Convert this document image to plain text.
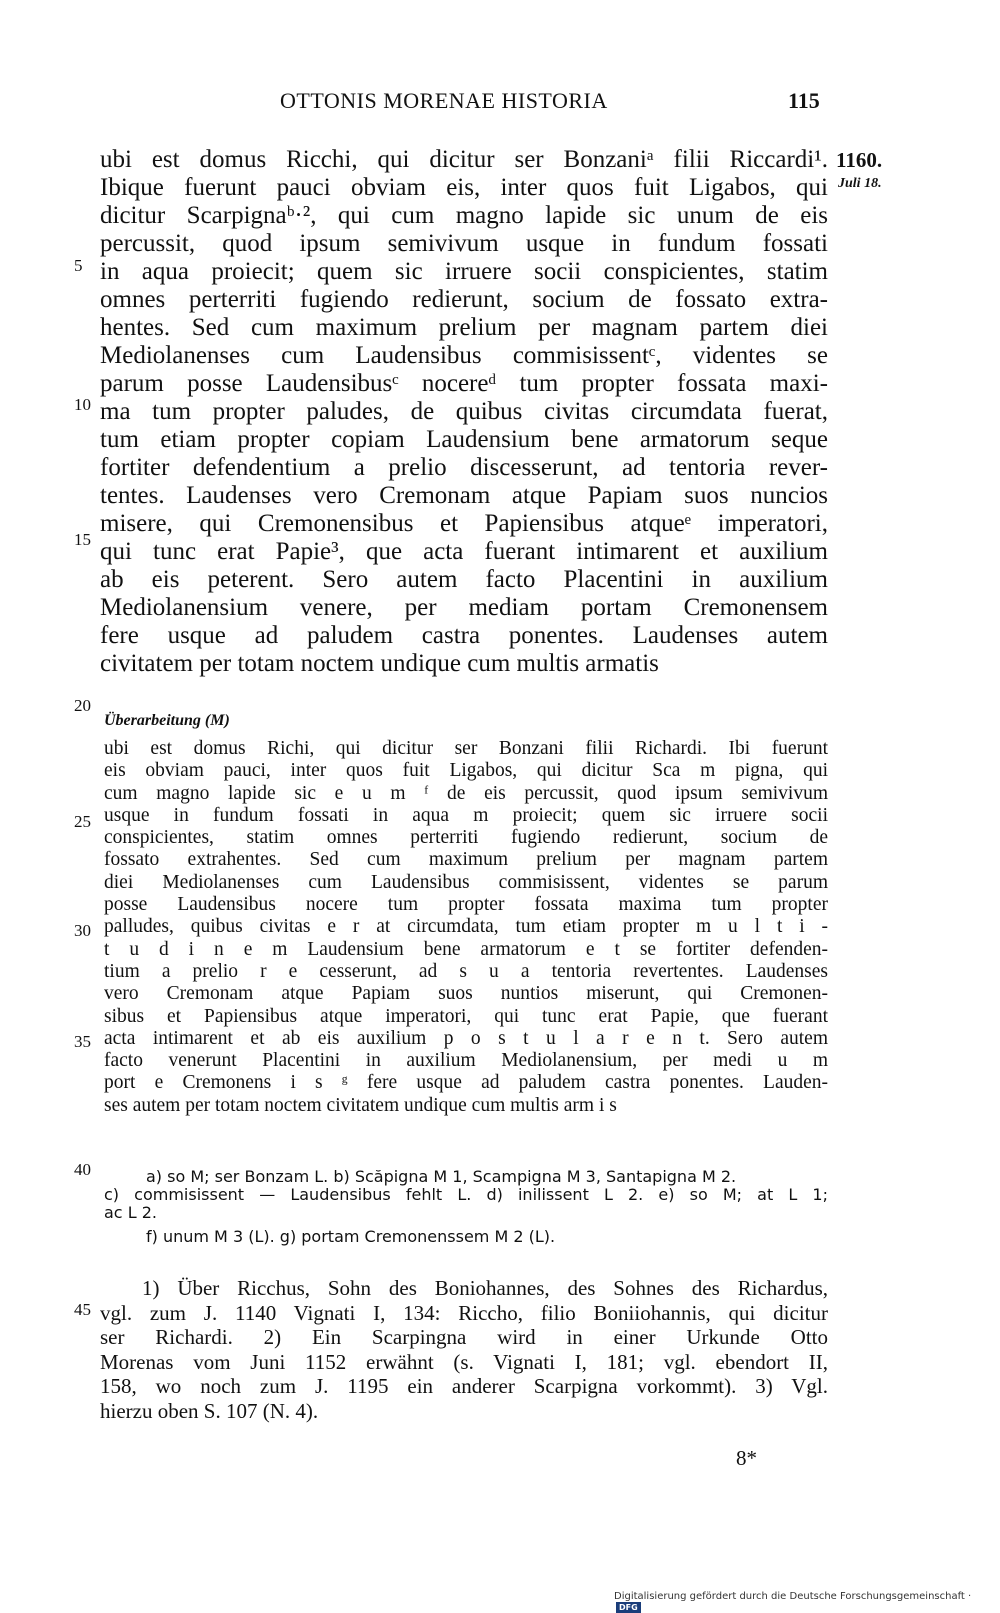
OTTONIS MORENAE HISTORIA	115
1160.
Juli 18.
5
10
15
20
25
30
35
40
45
ubi est domus Ricchi, qui dicitur ser Bonzaniᵃ filii Riccardi¹.
Ibique fuerunt pauci obviam eis, inter quos fuit Ligabos, qui
dicitur Scarpignaᵇ·², qui cum magno lapide sic unum de eis
percussit, quod ipsum semivivum usque in fundum fossati
in aqua proiecit; quem sic irruere socii conspicientes, statim
omnes perterriti fugiendo redierunt, socium de fossato extra-
hentes. Sed cum maximum prelium per magnam partem diei
Mediolanenses cum Laudensibus commisissentᶜ, videntes se
parum posse Laudensibusᶜ nocereᵈ tum propter fossata maxi-
ma tum propter paludes, de quibus civitas circumdata fuerat,
tum etiam propter copiam Laudensium bene armatorum seque
fortiter defendentium a prelio discesserunt, ad tentoria rever-
tentes. Laudenses vero Cremonam atque Papiam suos nuncios
misere, qui Cremonensibus et Papiensibus atqueᵉ imperatori,
qui tunc erat Papie³, que acta fuerant intimarent et auxilium
ab eis peterent. Sero autem facto Placentini in auxilium
Mediolanensium venere, per mediam portam Cremonensem
fere usque ad paludem castra ponentes. Laudenses autem
civitatem per totam noctem undique cum multis armatis
Überarbeitung (M)
ubi est domus Richi, qui dicitur ser Bonzani filii Richardi. Ibi fuerunt
eis obviam pauci, inter quos fuit Ligabos, qui dicitur Sca m pigna, qui
cum magno lapide sic e u m ᶠ de eis percussit, quod ipsum semivivum
usque in fundum fossati in aqua m proiecit; quem sic irruere socii
conspicientes, statim omnes perterriti fugiendo redierunt, socium de
fossato extrahentes. Sed cum maximum prelium per magnam partem
diei Mediolanenses cum Laudensibus commisissent, videntes se parum
posse Laudensibus nocere tum propter fossata maxima tum propter
palludes, quibus civitas e r at circumdata, tum etiam propter m u l t i -
t u d i n e m Laudensium bene armatorum e t se fortiter defenden-
tium a prelio r e cesserunt, ad s u a tentoria revertentes. Laudenses
vero Cremonam atque Papiam suos nuntios miserunt, qui Cremonen-
sibus et Papiensibus atque imperatori, qui tunc erat Papie, que fuerant
acta intimarent et ab eis auxilium p o s t u l a r e n t. Sero autem
facto venerunt Placentini in auxilium Mediolanensium, per medi u m
port e Cremonens i s ᵍ fere usque ad paludem castra ponentes. Lauden-
ses autem per totam noctem civitatem undique cum multis arm i s
a) so M; ser Bonzam L. b) Scăpigna M 1, Scampigna M 3, Santapigna M 2.
c) commisissent — Laudensibus fehlt L. d) inilissent L 2. e) so M; at L 1;
ac L 2.
f) unum M 3 (L). g) portam Cremonenssem M 2 (L).
1) Über Ricchus, Sohn des Boniohannes, des Sohnes des Richardus,
vgl. zum J. 1140 Vignati I, 134: Riccho, filio Boniiohannis, qui dicitur
ser Richardi. 2) Ein Scarpingna wird in einer Urkunde Otto
Morenas vom Juni 1152 erwähnt (s. Vignati I, 181; vgl. ebendort II,
158, wo noch zum J. 1195 ein anderer Scarpigna vorkommt). 3) Vgl.
hierzu oben S. 107 (N. 4).
8*
Digitalisierung gefördert durch die Deutsche Forschungsgemeinschaft · DFG
